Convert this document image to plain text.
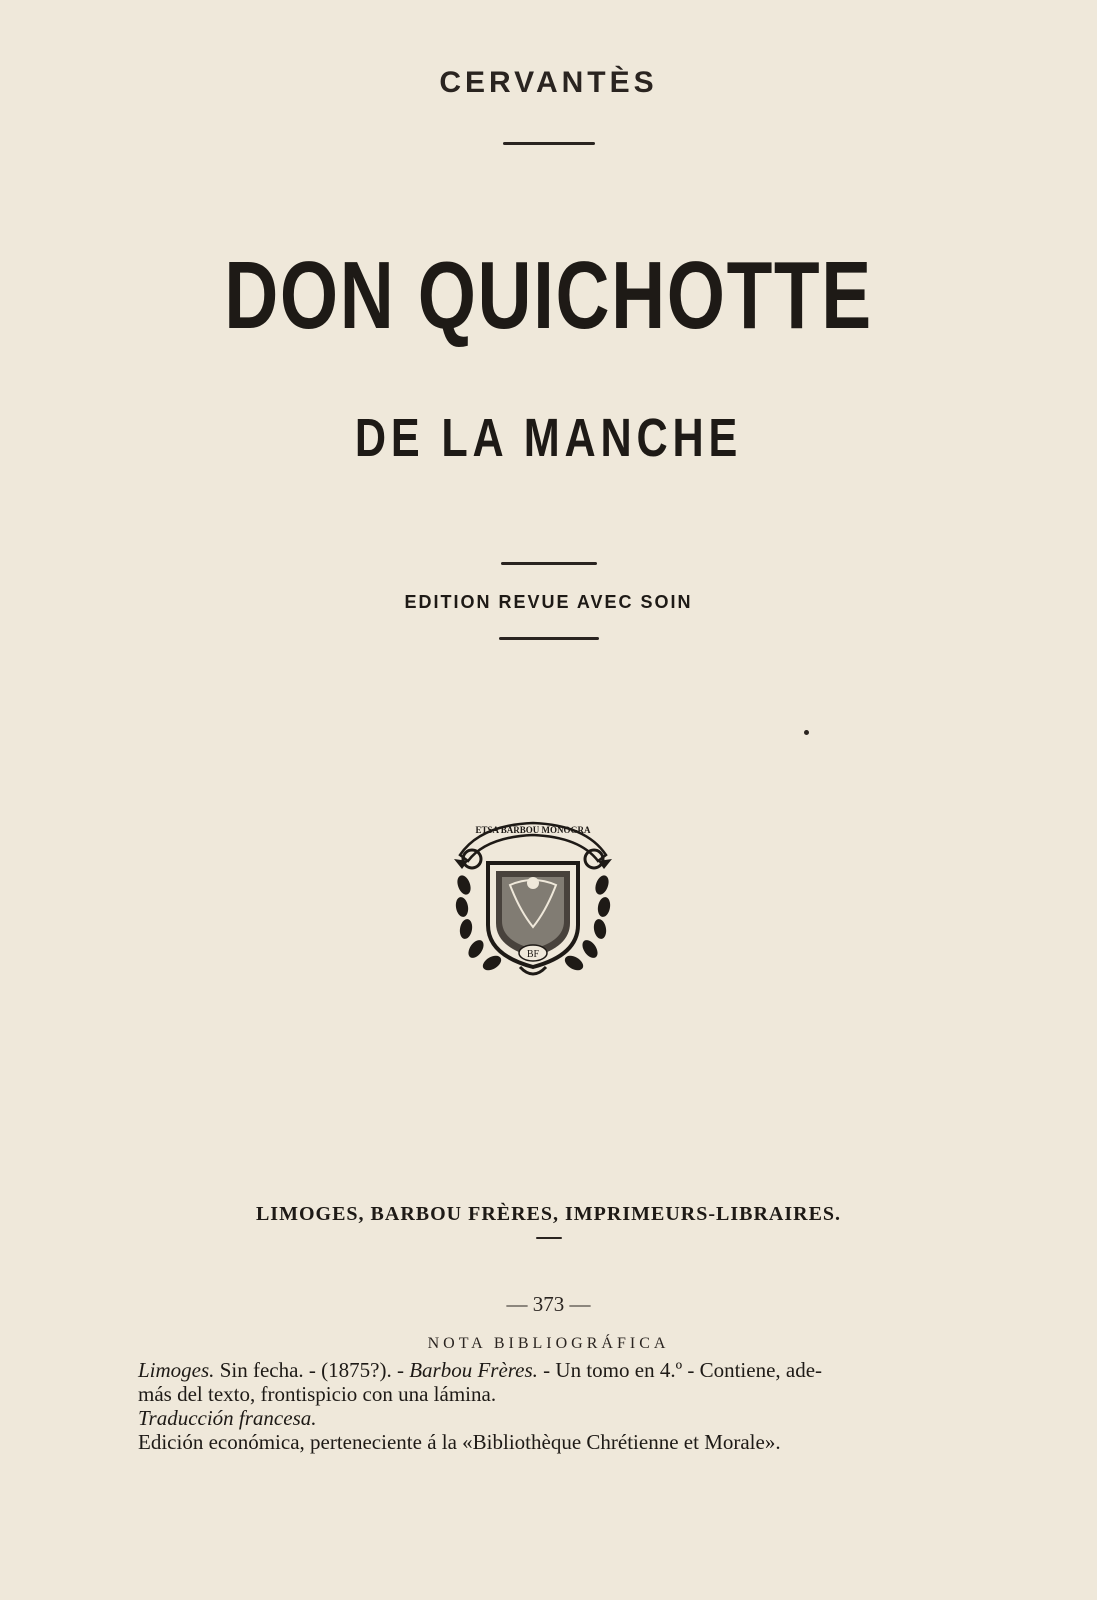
CERVANTÈS
DON QUICHOTTE
DE LA MANCHE
EDITION REVUE AVEC SOIN
ETSA BARBOU MONOGRA
BF
LIMOGES, BARBOU FRÈRES, IMPRIMEURS-LIBRAIRES.
— 373 —
NOTA BIBLIOGRÁFICA

Limoges. Sin fecha. - (1875?). - Barbou Frères. - Un tomo en 4.º - Contiene, ade-

más del texto, frontispicio con una lámina.

Traducción francesa.

Edición económica, perteneciente á la «Bibliothèque Chrétienne et Morale».
